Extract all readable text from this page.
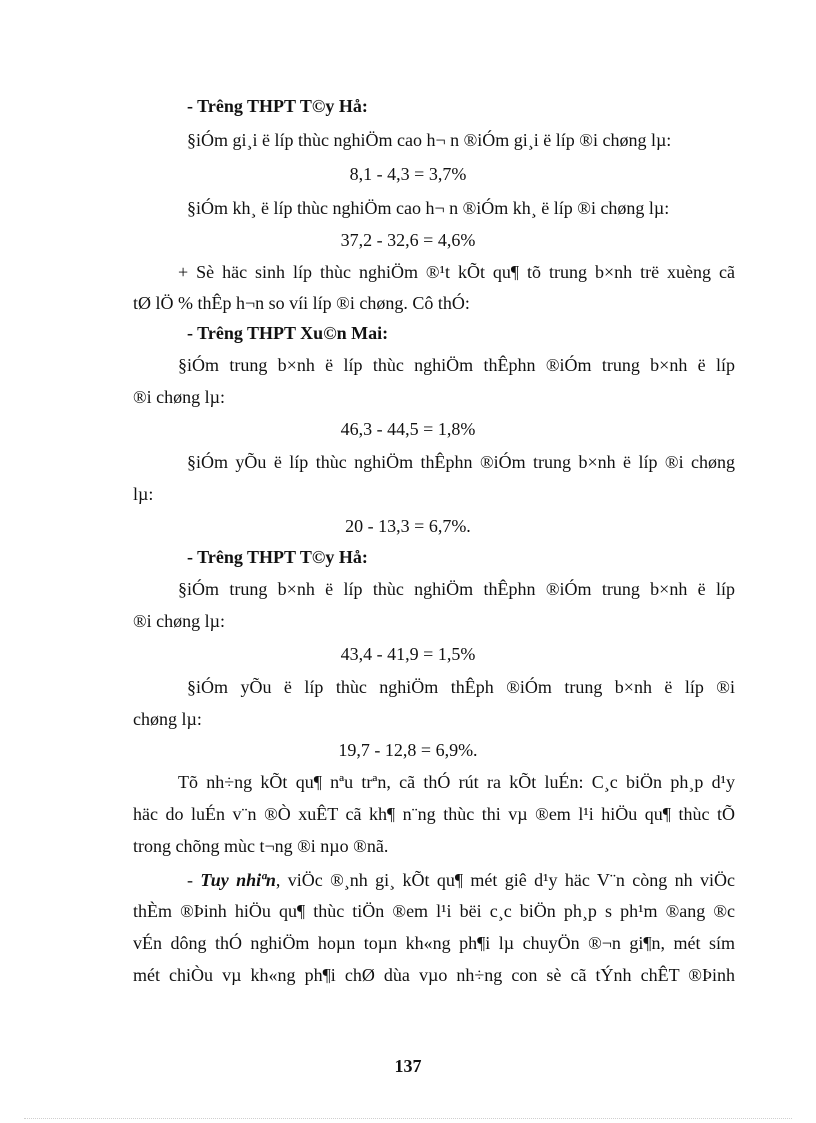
- Trêng THPT T©y Hå:
§iÓm gi¸i ë líp thùc nghiÖm cao h¬ n ®iÓm gi¸i ë líp ®i chøng lµ:
8,1 - 4,3 = 3,7%
§iÓm kh¸ ë líp thùc nghiÖm cao h¬ n ®iÓm kh¸ ë líp ®i chøng lµ:
37,2 - 32,6 = 4,6%
+ Sè häc sinh líp thùc nghiÖm ®¹t kÕt qu¶ tõ trung b×nh trë xuèng cã
tØ lÖ % thÊp h¬n so víi líp ®i chøng. Cô thÓ:
- Trêng THPT Xu©n Mai:
§iÓm trung b×nh ë líp thùc nghiÖm thÊphn ®iÓm trung b×nh ë líp
®i chøng lµ:
46,3 - 44,5 = 1,8%
§iÓm yÕu ë líp thùc nghiÖm thÊphn ®iÓm trung b×nh ë líp ®i chøng
lµ:
20 - 13,3 = 6,7%.
- Trêng THPT T©y Hå:
§iÓm trung b×nh ë líp thùc nghiÖm thÊphn ®iÓm trung b×nh ë líp
®i chøng lµ:
43,4 - 41,9 = 1,5%
§iÓm yÕu ë líp thùc nghiÖm thÊph ®iÓm trung b×nh ë líp ®i
chøng lµ:
19,7 - 12,8 = 6,9%.
Tõ nh÷ng kÕt qu¶ nªu trªn, cã thÓ rút ra kÕt luÉn: C¸c biÖn ph¸p d¹y
häc do luÉn v¨n ®Ò xuÊT cã kh¶ n¨ng thùc thi vµ ®em l¹i hiÖu qu¶ thùc tÕ
trong chõng mùc t¬ng ®i nµo ®nã.
- Tuy nhiªn, viÖc ®¸nh gi¸ kÕt qu¶ mét giê d¹y häc V¨n còng nh viÖc
thÈm ®Þinh hiÖu qu¶ thùc tiÖn ®em l¹i bëi c¸c biÖn ph¸p s ph¹m ®ang ®c
vÉn dông thÓ nghiÖm hoµn toµn kh«ng ph¶i lµ chuyÖn ®¬n gi¶n, mét sím
mét chiÒu vµ kh«ng ph¶i chØ dùa vµo nh÷ng con sè cã tÝnh chÊT ®Þinh
137
